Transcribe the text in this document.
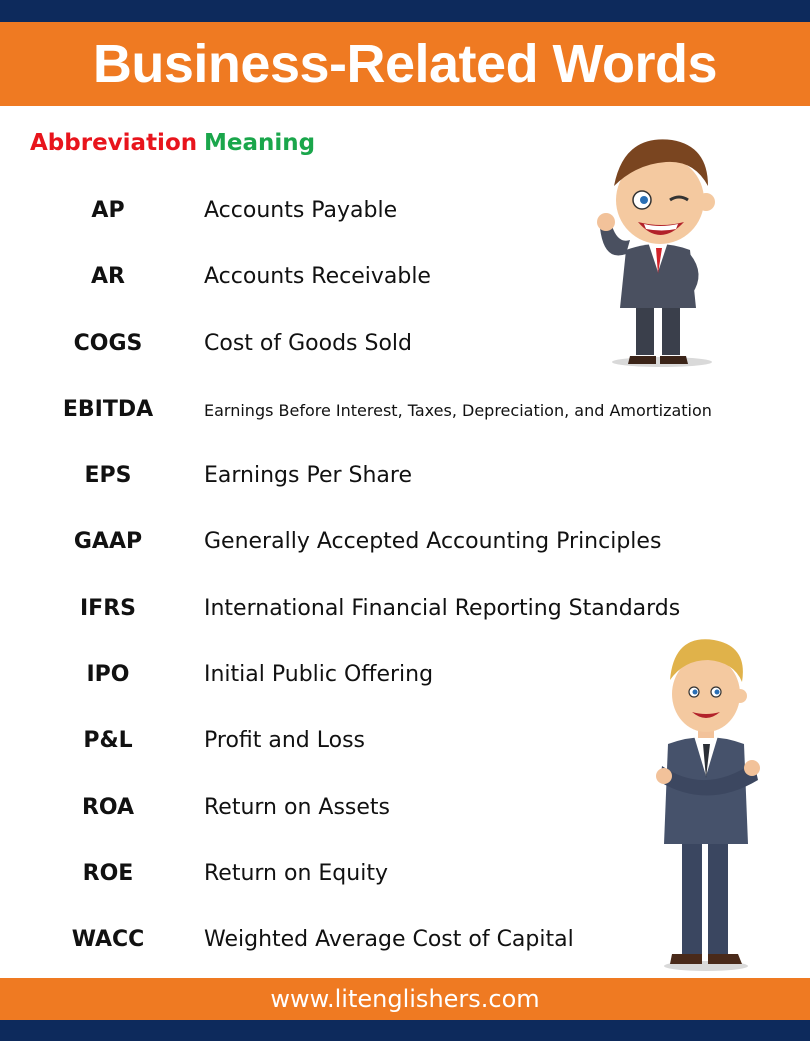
Business-Related Words
Abbreviation Meaning
AP	Accounts Payable
AR	Accounts Receivable
COGS	Cost of Goods Sold
EBITDA	Earnings Before Interest, Taxes, Depreciation, and Amortization
EPS	Earnings Per Share
GAAP	Generally Accepted Accounting Principles
IFRS	International Financial Reporting Standards
IPO	Initial Public Offering
P&L	Profit and Loss
ROA	Return on Assets
ROE	Return on Equity
WACC	Weighted Average Cost of Capital
www.litenglishers.com
